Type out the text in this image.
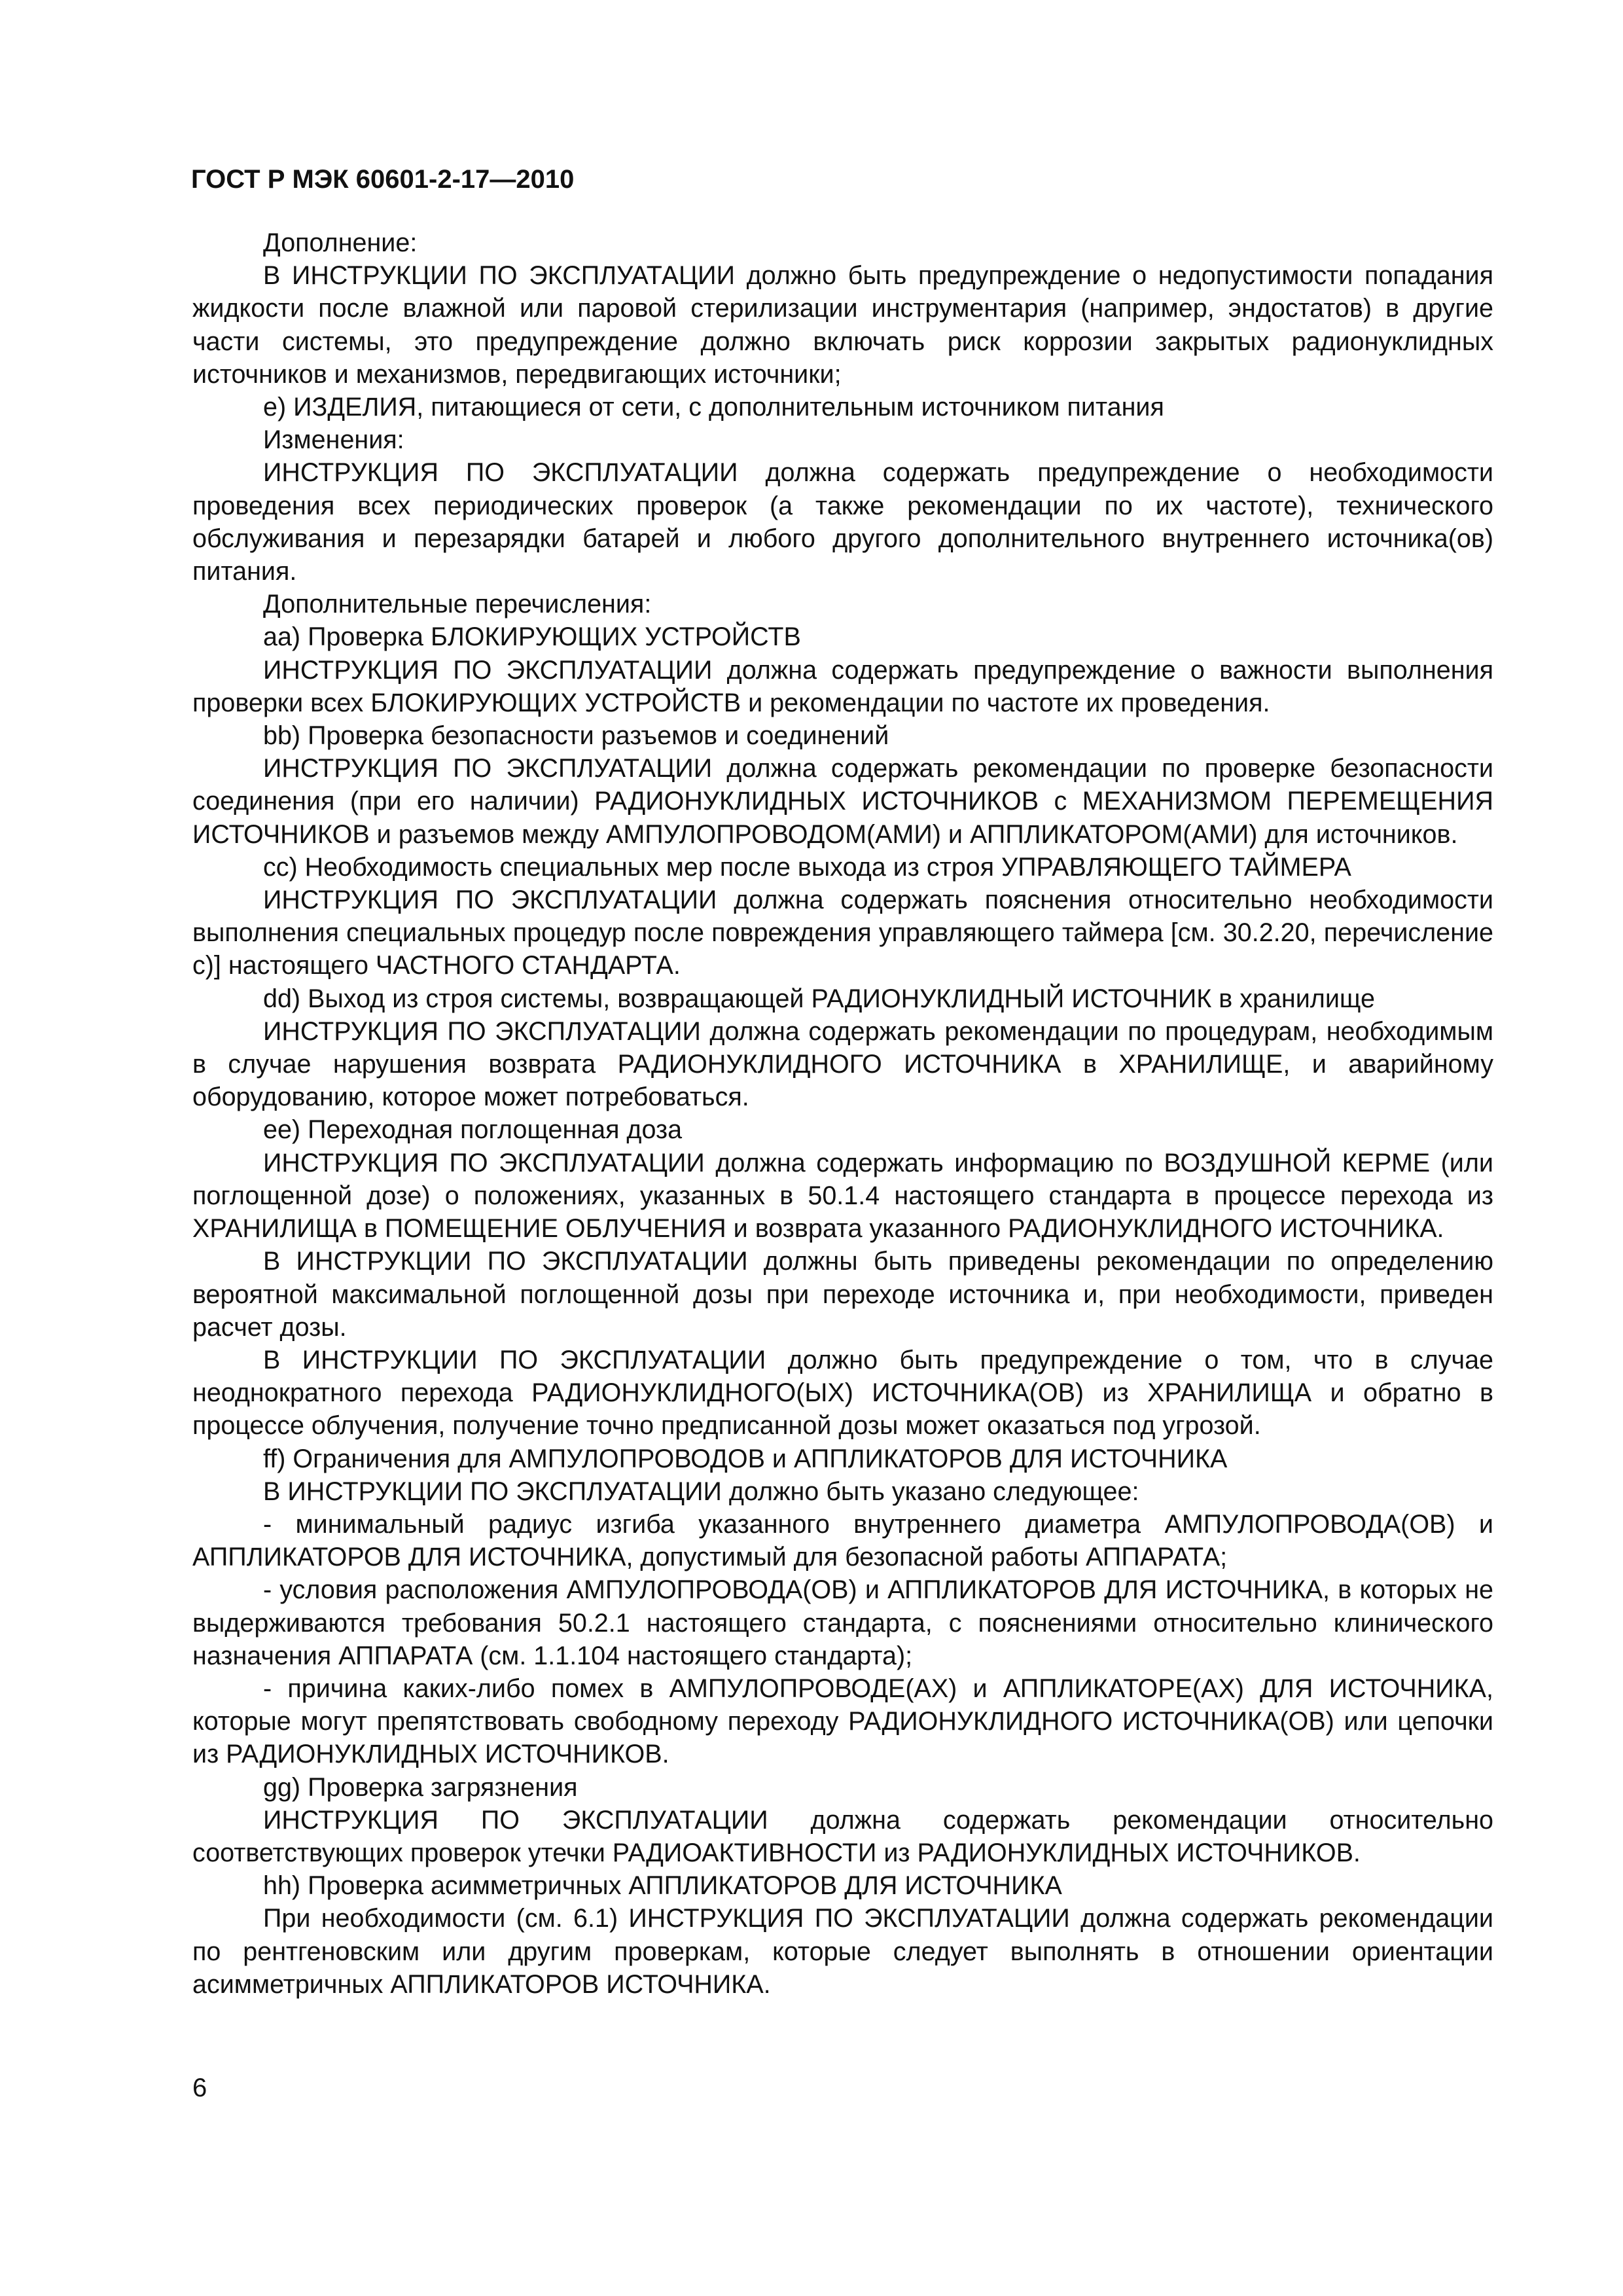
ГОСТ Р МЭК 60601-2-17—2010

Дополнение:

В ИНСТРУКЦИИ ПО ЭКСПЛУАТАЦИИ должно быть предупреждение о недопустимости попадания жидкости после влажной или паровой стерилизации инструментария (например, эндостатов) в другие части системы, это предупреждение должно включать риск коррозии закрытых радионуклидных источников и механизмов, передвигающих источники;

е) ИЗДЕЛИЯ, питающиеся от сети, с дополнительным источником питания

Изменения:

ИНСТРУКЦИЯ ПО ЭКСПЛУАТАЦИИ должна содержать предупреждение о необходимости проведения всех периодических проверок (а также рекомендации по их частоте), технического обслуживания и перезарядки батарей и любого другого дополнительного внутреннего источника(ов) питания.

Дополнительные перечисления:

аа) Проверка БЛОКИРУЮЩИХ УСТРОЙСТВ

ИНСТРУКЦИЯ ПО ЭКСПЛУАТАЦИИ должна содержать предупреждение о важности выполнения проверки всех БЛОКИРУЮЩИХ УСТРОЙСТВ и рекомендации по частоте их проведения.

bb) Проверка безопасности разъемов и соединений

ИНСТРУКЦИЯ ПО ЭКСПЛУАТАЦИИ должна содержать рекомендации по проверке безопасности соединения (при его наличии) РАДИОНУКЛИДНЫХ ИСТОЧНИКОВ с МЕХАНИЗМОМ ПЕРЕМЕЩЕНИЯ ИСТОЧНИКОВ и разъемов между АМПУЛОПРОВОДОМ(АМИ) и АППЛИКАТОРОМ(АМИ) для источников.

сс) Необходимость специальных мер после выхода из строя УПРАВЛЯЮЩЕГО ТАЙМЕРА

ИНСТРУКЦИЯ ПО ЭКСПЛУАТАЦИИ должна содержать пояснения относительно необходимости выполнения специальных процедур после повреждения управляющего таймера [см. 30.2.20, перечисление с)] настоящего ЧАСТНОГО СТАНДАРТА.

dd) Выход из строя системы, возвращающей РАДИОНУКЛИДНЫЙ ИСТОЧНИК в хранилище

ИНСТРУКЦИЯ ПО ЭКСПЛУАТАЦИИ должна содержать рекомендации по процедурам, необходимым в случае нарушения возврата РАДИОНУКЛИДНОГО ИСТОЧНИКА в ХРАНИЛИЩЕ, и аварийному оборудованию, которое может потребоваться.

ее) Переходная поглощенная доза

ИНСТРУКЦИЯ ПО ЭКСПЛУАТАЦИИ должна содержать информацию по ВОЗДУШНОЙ КЕРМЕ (или поглощенной дозе) о положениях, указанных в 50.1.4 настоящего стандарта в процессе перехода из ХРАНИЛИЩА в ПОМЕЩЕНИЕ ОБЛУЧЕНИЯ и возврата указанного РАДИОНУКЛИДНОГО ИСТОЧНИКА.

В ИНСТРУКЦИИ ПО ЭКСПЛУАТАЦИИ должны быть приведены рекомендации по определению вероятной максимальной поглощенной дозы при переходе источника и, при необходимости, приведен расчет дозы.

В ИНСТРУКЦИИ ПО ЭКСПЛУАТАЦИИ должно быть предупреждение о том, что в случае неоднократного перехода РАДИОНУКЛИДНОГО(ЫХ) ИСТОЧНИКА(ОВ) из ХРАНИЛИЩА и обратно в процессе облучения, получение точно предписанной дозы может оказаться под угрозой.

ff) Ограничения для АМПУЛОПРОВОДОВ и АППЛИКАТОРОВ ДЛЯ ИСТОЧНИКА

В ИНСТРУКЦИИ ПО ЭКСПЛУАТАЦИИ должно быть указано следующее:

- минимальный радиус изгиба указанного внутреннего диаметра АМПУЛОПРОВОДА(ОВ) и АППЛИКАТОРОВ ДЛЯ ИСТОЧНИКА, допустимый для безопасной работы АППАРАТА;

- условия расположения АМПУЛОПРОВОДА(ОВ) и АППЛИКАТОРОВ ДЛЯ ИСТОЧНИКА, в которых не выдерживаются требования 50.2.1 настоящего стандарта, с пояснениями относительно клинического назначения АППАРАТА (см. 1.1.104 настоящего стандарта);

- причина каких-либо помех в АМПУЛОПРОВОДЕ(АХ) и АППЛИКАТОРЕ(АХ) ДЛЯ ИСТОЧНИКА, которые могут препятствовать свободному переходу РАДИОНУКЛИДНОГО ИСТОЧНИКА(ОВ) или цепочки из РАДИОНУКЛИДНЫХ ИСТОЧНИКОВ.

gg) Проверка загрязнения

ИНСТРУКЦИЯ ПО ЭКСПЛУАТАЦИИ должна содержать рекомендации относительно соответствующих проверок утечки РАДИОАКТИВНОСТИ из РАДИОНУКЛИДНЫХ ИСТОЧНИКОВ.

hh) Проверка асимметричных АППЛИКАТОРОВ ДЛЯ ИСТОЧНИКА

При необходимости (см. 6.1) ИНСТРУКЦИЯ ПО ЭКСПЛУАТАЦИИ должна содержать рекомендации по рентгеновским или другим проверкам, которые следует выполнять в отношении ориентации асимметричных АППЛИКАТОРОВ ИСТОЧНИКА.

6
